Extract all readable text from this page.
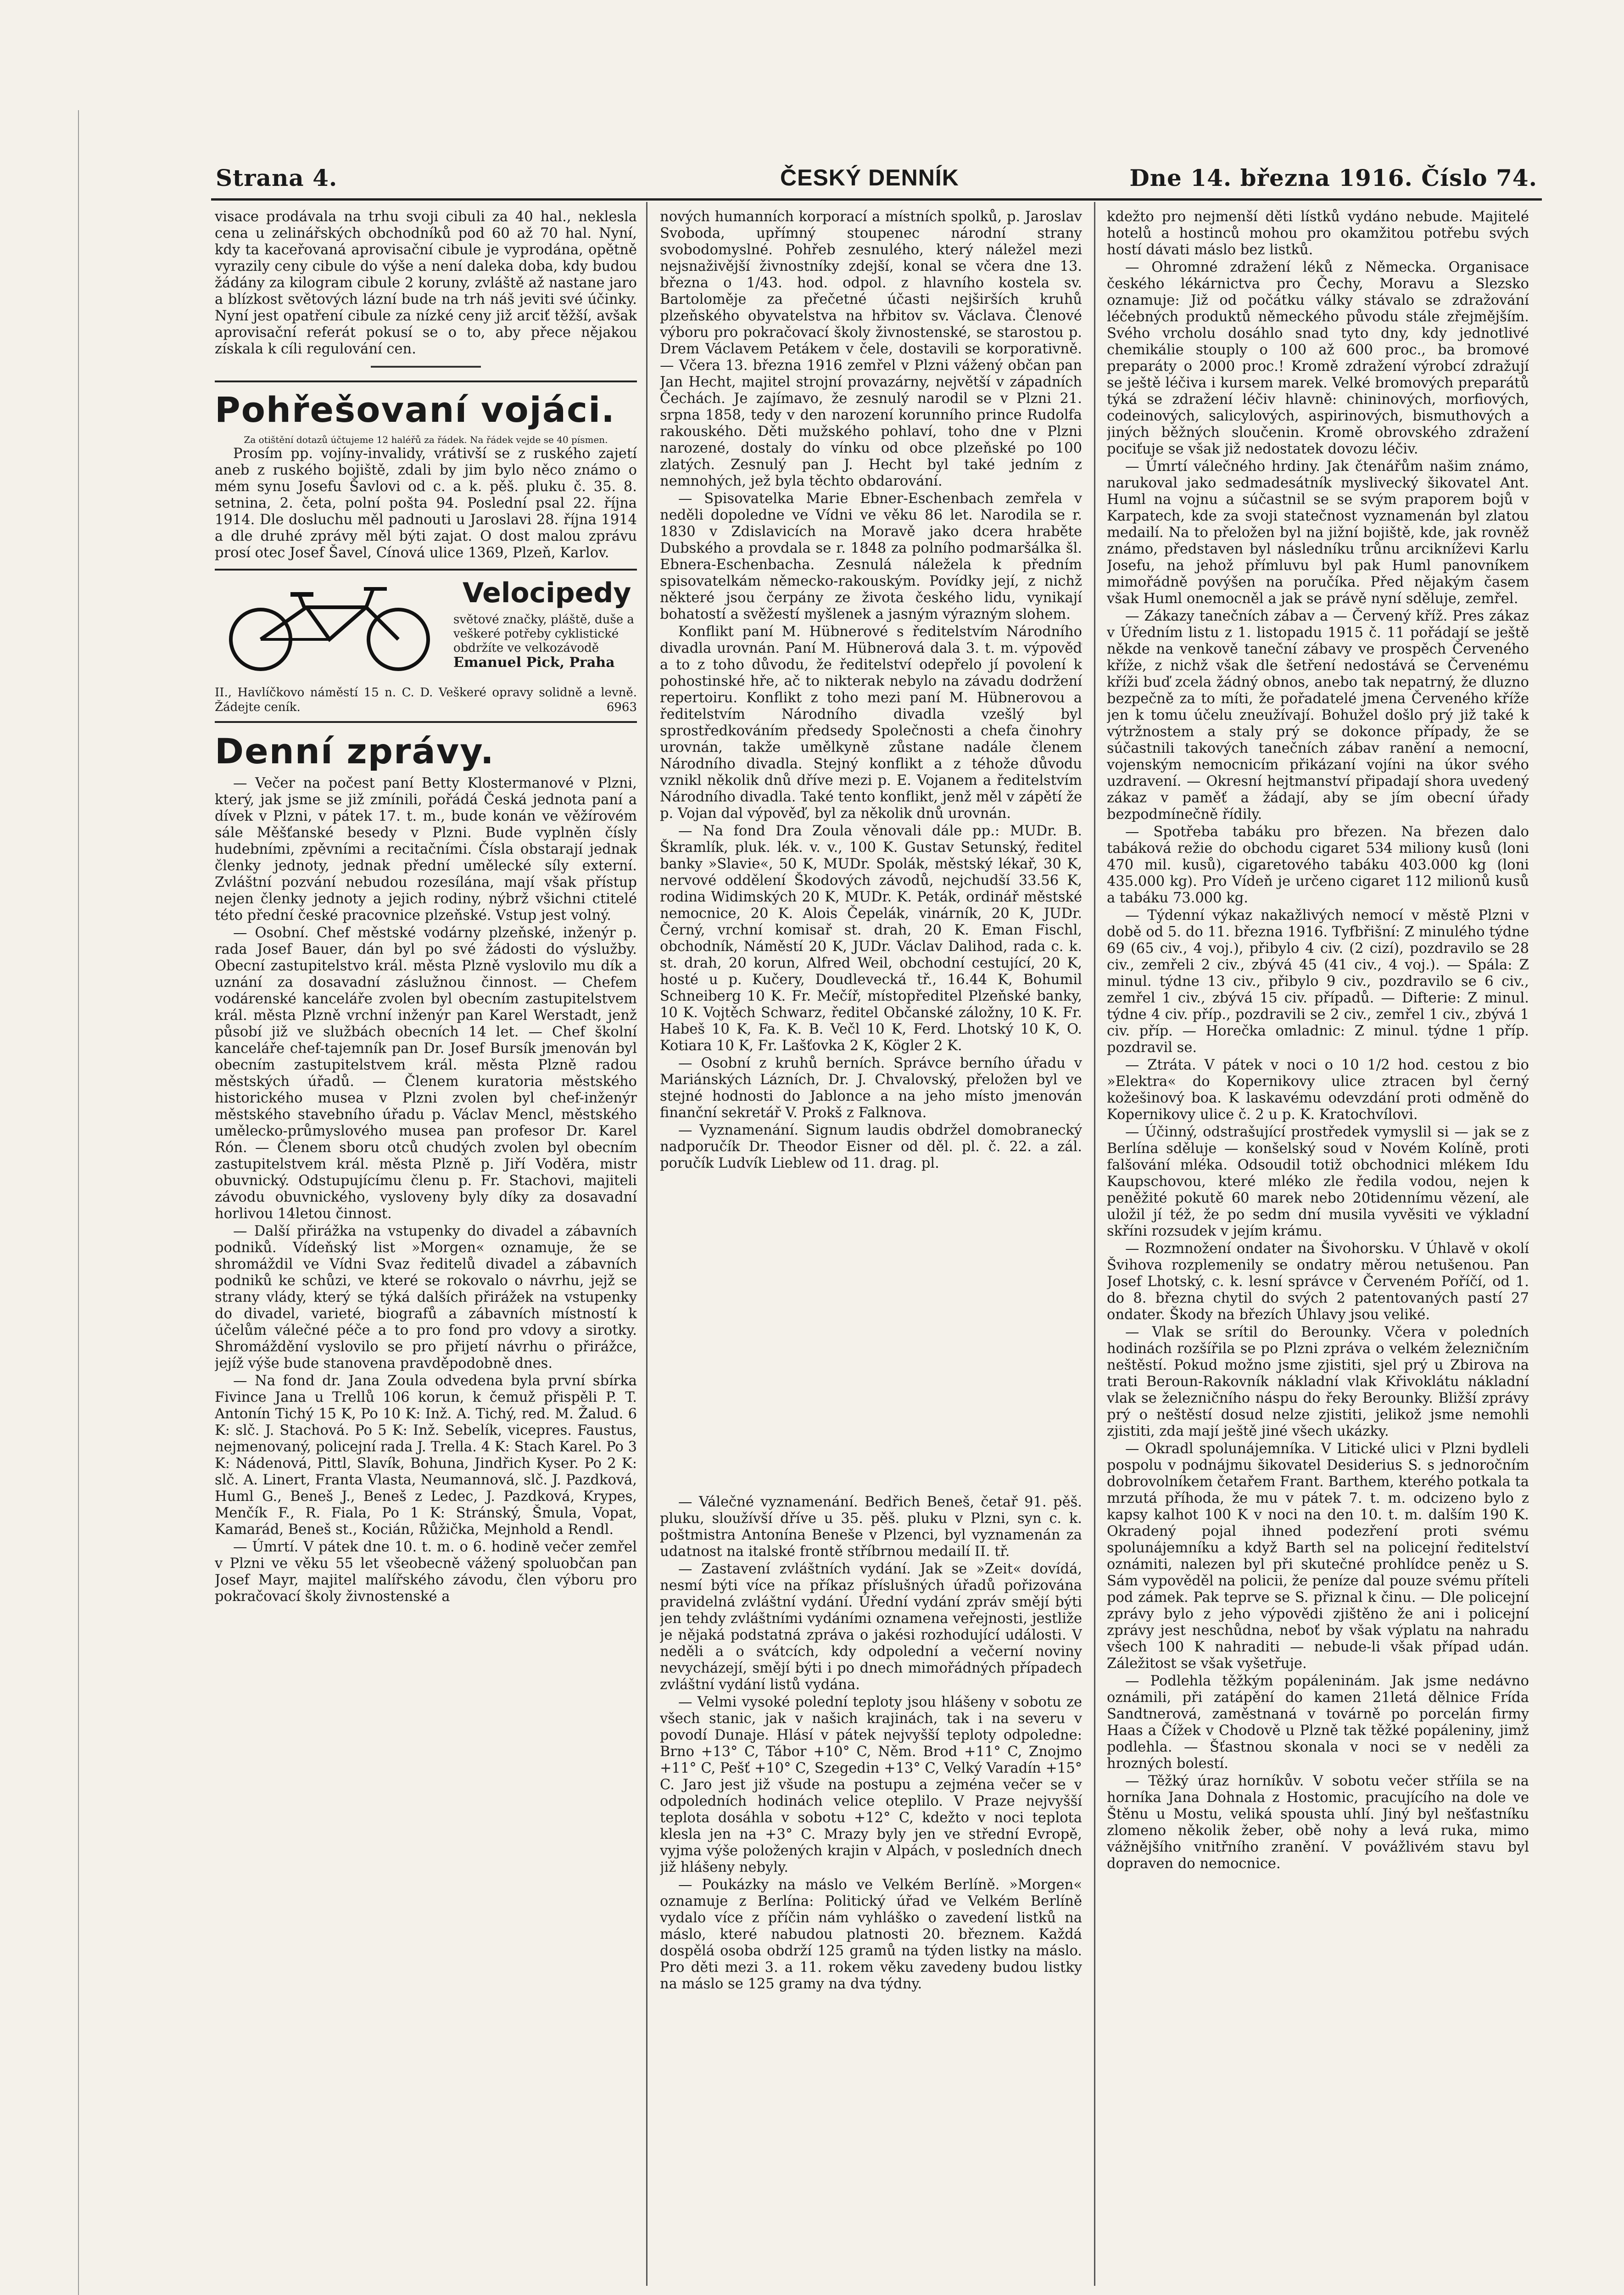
Strana 4.	ČESKÝ DENNÍK	Dne 14. března 1916. Číslo 74.

visace prodávala na trhu svoji cibuli za 40 hal., neklesla cena u zelinářských obchodníků pod 60 až 70 hal. Nyní, kdy ta kaceřovaná aprovisační cibule je vyprodána, opětně vyrazily ceny cibule do výše a není daleka doba, kdy budou žádány za kilogram cibule 2 koruny, zvláště až nastane jaro a blízkost světových lázní bude na trh náš jeviti své účinky. Nyní jest opatření cibule za nízké ceny již arciť těžší, avšak aprovisační referát pokusí se o to, aby přece nějakou získala k cíli regulování cen.

Pohřešovaní vojáci.
Za otištění dotazů účtujeme 12 haléřů za řádek. Na řádek vejde se 40 písmen.

Prosím pp. vojíny-invalidy, vrátivší se z ruského zajetí aneb z ruského bojiště, zdali by jim bylo něco známo o mém synu Josefu Šavlovi od c. a k. pěš. pluku č. 35. 8. setnina, 2. četa, polní pošta 94. Poslední psal 22. října 1914. Dle dosluchu měl padnouti u Jaroslavi 28. října 1914 a dle druhé zprávy měl býti zajat. O dost malou zprávu prosí otec Josef Šavel, Cínová ulice 1369, Plzeň, Karlov.

Velocipedy
světové značky, pláště, duše a veškeré potřeby cyklistické obdržíte ve velkozávodě
Emanuel Pick, Praha
II., Havlíčkovo náměstí 15 n. C. D. Veškeré opravy solidně a levně. Žádejte ceník.	6963
Denní zprávy.

— Večer na počest paní Betty Klostermanové v Plzni, který, jak jsme se již zmínili, pořádá Česká jednota paní a dívek v Plzni, v pátek 17. t. m., bude konán ve věžírovém sále Měšťanské besedy v Plzni. Bude vyplněn čísly hudebními, zpěvními a recitačními. Čísla obstarají jednak členky jednoty, jednak přední umělecké síly externí. Zvláštní pozvání nebudou rozesílána, mají však přístup nejen členky jednoty a jejich rodiny, nýbrž všichni ctitelé této přední české pracovnice plzeňské. Vstup jest volný.

— Osobní. Chef městské vodárny plzeňské, inženýr p. rada Josef Bauer, dán byl po své žádosti do výslužby. Obecní zastupitelstvo král. města Plzně vyslovilo mu dík a uznání za dosavadní záslužnou činnost. — Chefem vodárenské kanceláře zvolen byl obecním zastupitelstvem král. města Plzně vrchní inženýr pan Karel Werstadt, jenž působí již ve službách obecních 14 let. — Chef školní kanceláře chef-tajemník pan Dr. Josef Bursík jmenován byl obecním zastupitelstvem král. města Plzně radou městských úřadů. — Členem kuratoria městského historického musea v Plzni zvolen byl chef-inženýr městského stavebního úřadu p. Václav Mencl, městského umělecko-průmyslového musea pan profesor Dr. Karel Rón. — Členem sboru otců chudých zvolen byl obecním zastupitelstvem král. města Plzně p. Jiří Voděra, mistr obuvnický. Odstupujícímu členu p. Fr. Stachovi, majiteli závodu obuvnického, vysloveny byly díky za dosavadní horlivou 14letou činnost.

— Další přirážka na vstupenky do divadel a zábavních podniků. Vídeňský list »Morgen« oznamuje, že se shromáždil ve Vídni Svaz ředitelů divadel a zábavních podniků ke schůzi, ve které se rokovalo o návrhu, jejž se strany vlády, který se týká dalších přirážek na vstupenky do divadel, varieté, biografů a zábavních místností k účelům válečné péče a to pro fond pro vdovy a sirotky. Shromáždění vyslovilo se pro přijetí návrhu o přirážce, jejíž výše bude stanovena pravděpodobně dnes.

— Na fond dr. Jana Zoula odvedena byla první sbírka Fivince Jana u Trellů 106 korun, k čemuž přispěli P. T. Antonín Tichý 15 K, Po 10 K: Inž. A. Tichý, red. M. Žalud. 6 K: slč. J. Stachová. Po 5 K: Inž. Sebelík, vicepres. Faustus, nejmenovaný, policejní rada J. Trella. 4 K: Stach Karel. Po 3 K: Nádenová, Pittl, Slavík, Bohuna, Jindřich Kyser. Po 2 K: slč. A. Linert, Franta Vlasta, Neumannová, slč. J. Pazdková, Huml G., Beneš J., Beneš z Ledec, J. Pazdková, Krypes, Menčík F., R. Fiala, Po 1 K: Stránský, Šmula, Vopat, Kamarád, Beneš st., Kocián, Růžička, Mejnhold a Rendl.

— Úmrtí. V pátek dne 10. t. m. o 6. hodině večer zemřel v Plzni ve věku 55 let všeobecně vážený spoluobčan pan Josef Mayr, majitel malířského závodu, člen výboru pro pokračovací školy živnostenské a

nových humanních korporací a místních spolků, p. Jaroslav Svoboda, upřímný stoupenec národní strany svobodomyslné. Pohřeb zesnulého, který náležel mezi nejsnaživější živnostníky zdejší, konal se včera dne 13. března o 1/43. hod. odpol. z hlavního kostela sv. Bartoloměje za přečetné účasti nejširších kruhů plzeňského obyvatelstva na hřbitov sv. Václava. Členové výboru pro pokračovací školy živnostenské, se starostou p. Drem Václavem Petákem v čele, dostavili se korporativně. — Včera 13. března 1916 zemřel v Plzni vážený občan pan Jan Hecht, majitel strojní provazárny, největší v západních Čechách. Je zajímavo, že zesnulý narodil se v Plzni 21. srpna 1858, tedy v den narození korunního prince Rudolfa rakouského. Děti mužského pohlaví, toho dne v Plzni narozené, dostaly do vínku od obce plzeňské po 100 zlatých. Zesnulý pan J. Hecht byl také jedním z nemnohých, jež byla těchto obdarování.

— Spisovatelka Marie Ebner-Eschenbach zemřela v neděli dopoledne ve Vídni ve věku 86 let. Narodila se r. 1830 v Zdislavicích na Moravě jako dcera hraběte Dubského a provdala se r. 1848 za polního podmaršálka šl. Ebnera-Eschenbacha. Zesnulá náležela k předním spisovatelkám německo-rakouským. Povídky její, z nichž některé jsou čerpány ze života českého lidu, vynikají bohatostí a svěžestí myšlenek a jasným výrazným slohem.

Konflikt paní M. Hübnerové s ředitelstvím Národního divadla urovnán. Paní M. Hübnerová dala 3. t. m. výpověď a to z toho důvodu, že ředitelství odepřelo jí povolení k pohostinské hře, ač to nikterak nebylo na závadu dodržení repertoiru. Konflikt z toho mezi paní M. Hübnerovou a ředitelstvím Národního divadla vzešlý byl sprostředkováním předsedy Společnosti a chefa činohry urovnán, takže umělkyně zůstane nadále členem Národního divadla. Stejný konflikt a z téhože důvodu vznikl několik dnů dříve mezi p. E. Vojanem a ředitelstvím Národního divadla. Také tento konflikt, jenž měl v zápětí že p. Vojan dal výpověď, byl za několik dnů urovnán.

— Na fond Dra Zoula věnovali dále pp.: MUDr. B. Škramlík, pluk. lék. v. v., 100 K. Gustav Setunský, ředitel banky »Slavie«, 50 K, MUDr. Spolák, městský lékař, 30 K, nervové oddělení Škodových závodů, nejchudší 33.56 K, rodina Widimských 20 K, MUDr. K. Peták, ordinář městské nemocnice, 20 K. Alois Čepelák, vinárník, 20 K, JUDr. Černý, vrchní komisař st. drah, 20 K. Eman Fischl, obchodník, Náměstí 20 K, JUDr. Václav Dalihod, rada c. k. st. drah, 20 korun, Alfred Weil, obchodní cestující, 20 K, hosté u p. Kučery, Doudlevecká tř., 16.44 K, Bohumil Schneiberg 10 K. Fr. Mečíř, místopředitel Plzeňské banky, 10 K. Vojtěch Schwarz, ředitel Občanské záložny, 10 K. Fr. Habeš 10 K, Fa. K. B. Večl 10 K, Ferd. Lhotský 10 K, O. Kotiara 10 K, Fr. Lašťovka 2 K, Kögler 2 K.

— Osobní z kruhů berních. Správce berního úřadu v Mariánských Lázních, Dr. J. Chvalovský, přeložen byl ve stejné hodnosti do Jablonce a na jeho místo jmenován finanční sekretář V. Prokš z Falknova.

— Vyznamenání. Signum laudis obdržel domobranecký nadporučík Dr. Theodor Eisner od děl. pl. č. 22. a zál. poručík Ludvík Lieblew od 11. drag. pl.

— Válečné vyznamenání. Bedřich Beneš, četař 91. pěš. pluku, sloužívší dříve u 35. pěš. pluku v Plzni, syn c. k. poštmistra Antonína Beneše v Plzenci, byl vyznamenán za udatnost na italské frontě stříbrnou medailí II. tř.

— Zastavení zvláštních vydání. Jak se »Zeit« dovídá, nesmí býti více na příkaz příslušných úřadů pořizována pravidelná zvláštní vydání. Úřední vydání zpráv smějí býti jen tehdy zvláštními vydáními oznamena veřejnosti, jestliže je nějaká podstatná zpráva o jakési rozhodující události. V neděli a o svátcích, kdy odpolední a večerní noviny nevycházejí, smějí býti i po dnech mimořádných případech zvláštní vydání listů vydána.

— Velmi vysoké polední teploty jsou hlášeny v sobotu ze všech stanic, jak v našich krajinách, tak i na severu v povodí Dunaje. Hlásí v pátek nejvyšší teploty odpoledne: Brno +13° C, Tábor +10° C, Něm. Brod +11° C, Znojmo +11° C, Pešť +10° C, Szegedin +13° C, Velký Varadín +15° C. Jaro jest již všude na postupu a zejména večer se v odpoledních hodinách velice oteplilo. V Praze nejvyšší teplota dosáhla v sobotu +12° C, kdežto v noci teplota klesla jen na +3° C. Mrazy byly jen ve střední Evropě, vyjma výše položených krajin v Alpách, v posledních dnech již hlášeny nebyly.

— Poukázky na máslo ve Velkém Berlíně. »Morgen« oznamuje z Berlína: Politický úřad ve Velkém Berlíně vydalo více z příčin nám vyhláško o zavedení listků na máslo, které nabudou platnosti 20. březnem. Každá dospělá osoba obdrží 125 gramů na týden listky na máslo. Pro děti mezi 3. a 11. rokem věku zavedeny budou listky na máslo se 125 gramy na dva týdny.

kdežto pro nejmenší děti lístků vydáno nebude. Majitelé hotelů a hostinců mohou pro okamžitou potřebu svých hostí dávati máslo bez listků.

— Ohromné zdražení léků z Německa. Organisace českého lékárnictva pro Čechy, Moravu a Slezsko oznamuje: Již od počátku války stávalo se zdražování léčebných produktů německého původu stále zřejmějším. Svého vrcholu dosáhlo snad tyto dny, kdy jednotlivé chemikálie stouply o 100 až 600 proc., ba bromové preparáty o 2000 proc.! Kromě zdražení výrobcí zdražují se ještě léčiva i kursem marek. Velké bromových preparátů týká se zdražení léčiv hlavně: chininových, morfiových, codeinových, salicylových, aspirinových, bismuthových a jiných běžných sloučenin. Kromě obrovského zdražení pociťuje se však již nedostatek dovozu léčiv.

— Úmrtí válečného hrdiny. Jak čtenářům našim známo, narukoval jako sedmadesátník myslivecký šikovatel Ant. Huml na vojnu a súčastnil se se svým praporem bojů v Karpatech, kde za svoji statečnost vyznamenán byl zlatou medailí. Na to přeložen byl na jižní bojiště, kde, jak rovněž známo, představen byl následníku trůnu arcikníževi Karlu Josefu, na jehož přímluvu byl pak Huml panovníkem mimořádně povýšen na poručíka. Před nějakým časem však Huml onemocněl a jak se právě nyní sděluje, zemřel.

— Zákazy tanečních zábav a — Červený kříž. Pres zákaz v Úředním listu z 1. listopadu 1915 č. 11 pořádají se ještě někde na venkově taneční zábavy ve prospěch Červeného kříže, z nichž však dle šetření nedostává se Červenému kříži buď zcela žádný obnos, anebo tak nepatrný, že dluzno bezpečně za to míti, že pořadatelé jmena Červeného kříže jen k tomu účelu zneužívají. Bohužel došlo prý již také k výtržnostem a staly prý se dokonce případy, že se súčastnili takových tanečních zábav ranění a nemocní, vojenským nemocnicím přikázaní vojíni na úkor svého uzdravení. — Okresní hejtmanství připadají shora uvedený zákaz v paměť a žádají, aby se jím obecní úřady bezpodmínečně řídily.

— Spotřeba tabáku pro březen. Na březen dalo tabáková režie do obchodu cigaret 534 miliony kusů (loni 470 mil. kusů), cigaretového tabáku 403.000 kg (loni 435.000 kg). Pro Vídeň je určeno cigaret 112 milionů kusů a tabáku 73.000 kg.

— Týdenní výkaz nakažlivých nemocí v městě Plzni v době od 5. do 11. března 1916. Tyfbřišní: Z minulého týdne 69 (65 civ., 4 voj.), přibylo 4 civ. (2 cizí), pozdravilo se 28 civ., zemřeli 2 civ., zbývá 45 (41 civ., 4 voj.). — Spála: Z minul. týdne 13 civ., přibylo 9 civ., pozdravilo se 6 civ., zemřel 1 civ., zbývá 15 civ. případů. — Difterie: Z minul. týdne 4 civ. příp., pozdravili se 2 civ., zemřel 1 civ., zbývá 1 civ. příp. — Horečka omladnic: Z minul. týdne 1 příp. pozdravil se.

— Ztráta. V pátek v noci o 10 1/2 hod. cestou z bio »Elektra« do Kopernikovy ulice ztracen byl černý kožešinový boa. K laskavému odevzdání proti odměně do Kopernikovy ulice č. 2 u p. K. Kratochvílovi.

— Účinný, odstrašující prostředek vymyslil si — jak se z Berlína sděluje — konšelský soud v Novém Kolíně, proti falšování mléka. Odsoudil totiž obchodnici mlékem Idu Kaupschovou, které mléko zle ředila vodou, nejen k peněžité pokutě 60 marek nebo 20tidennímu vězení, ale uložil jí též, že po sedm dní musila vyvěsiti ve výkladní skříni rozsudek v jejím krámu.

— Rozmnožení ondater na Šivohorsku. V Úhlavě v okolí Švihova rozplemenily se ondatry měrou netušenou. Pan Josef Lhotský, c. k. lesní správce v Červeném Poříčí, od 1. do 8. března chytil do svých 2 patentovaných pastí 27 ondater. Škody na březích Úhlavy jsou veliké.

— Vlak se srítil do Berounky. Včera v poledních hodinách rozšířila se po Plzni zpráva o velkém železničním neštěstí. Pokud možno jsme zjistiti, sjel prý u Zbirova na trati Beroun-Rakovník nákladní vlak Křivoklátu nákladní vlak se železničního náspu do řeky Berounky. Bližší zprávy prý o neštěstí dosud nelze zjistiti, jelikož jsme nemohli zjistiti, zda mají ještě jiné všech ukázky.

— Okradl spolunájemníka. V Litické ulici v Plzni bydleli pospolu v podnájmu šikovatel Desiderius S. s jednoročním dobrovolníkem četařem Frant. Barthem, kterého potkala ta mrzutá příhoda, že mu v pátek 7. t. m. odcizeno bylo z kapsy kalhot 100 K v noci na den 10. t. m. dalším 190 K. Okradený pojal ihned podezření proti svému spolunájemníku a když Barth sel na policejní ředitelství oznámiti, nalezen byl při skutečné prohlídce peněz u S. Sám vypověděl na policii, že peníze dal pouze svému příteli pod zámek. Pak teprve se S. přiznal k činu. — Dle policejní zprávy bylo z jeho výpovědi zjištěno že ani i policejní zprávy jest neschůdna, neboť by však výplatu na nahradu všech 100 K nahraditi — nebude-li však případ udán. Záležitost se však vyšetřuje.

— Podlehla těžkým popáleninám. Jak jsme nedávno oznámili, při zatápění do kamen 21letá dělnice Frída Sandtnerová, zaměstnaná v továrně po porcelán firmy Haas a Čížek v Chodově u Plzně tak těžké popáleniny, jimž podlehla. — Šťastnou skonala v noci se v neděli za hrozných bolestí.

— Těžký úraz horníkův. V sobotu večer stříila se na horníka Jana Dohnala z Hostomic, pracujícího na dole ve Štěnu u Mostu, veliká spousta uhlí. Jiný byl nešťastníku zlomeno několik žeber, obě nohy a levá ruka, mimo vážnějšího vnitřního zranění. V povážlivém stavu byl dopraven do nemocnice.
